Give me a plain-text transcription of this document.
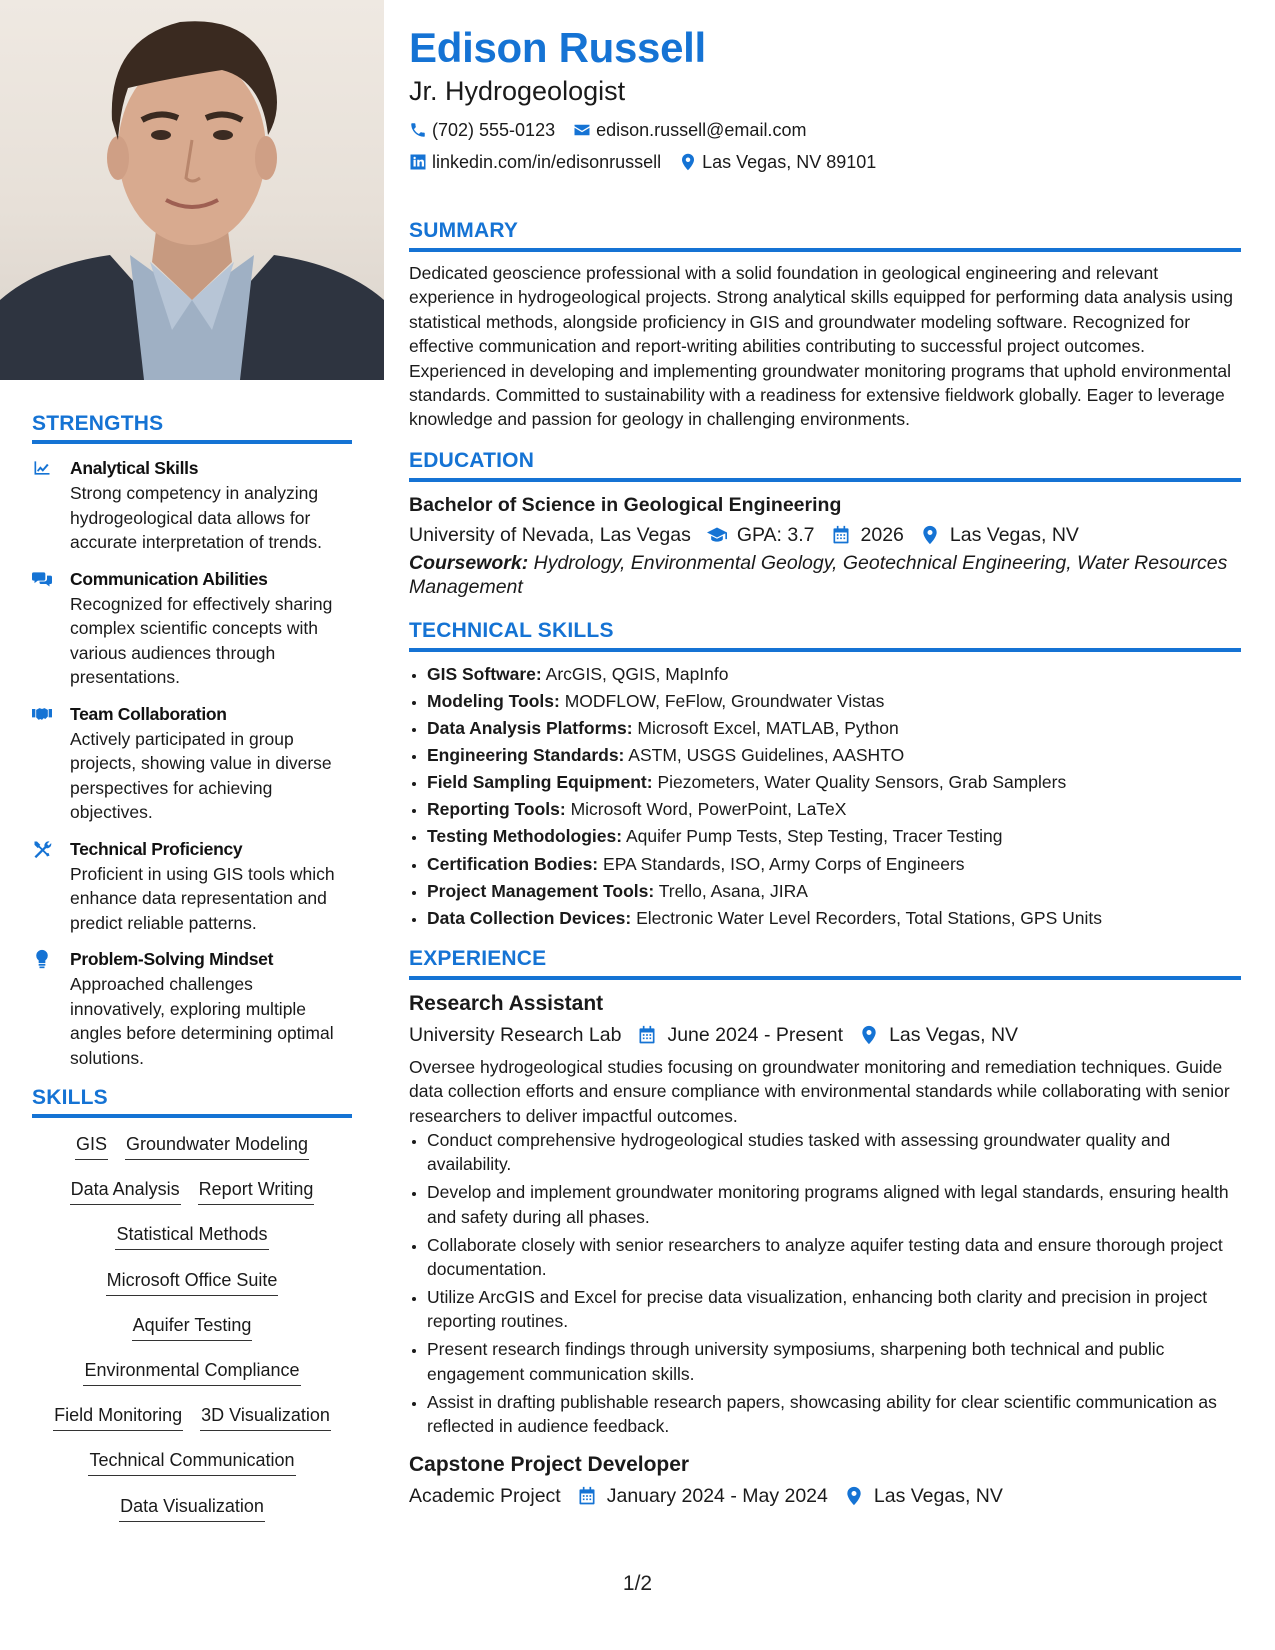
STRENGTHS
Analytical Skills
Strong competency in analyzing hydrogeological data allows for accurate interpretation of trends.
Communication Abilities
Recognized for effectively sharing complex scientific concepts with various audiences through presentations.
Team Collaboration
Actively participated in group projects, showing value in diverse perspectives for achieving objectives.
Technical Proficiency
Proficient in using GIS tools which enhance data representation and predict reliable patterns.
Problem-Solving Mindset
Approached challenges innovatively, exploring multiple angles before determining optimal solutions.
SKILLS
GIS Groundwater Modeling
Data Analysis Report Writing
Statistical Methods
Microsoft Office Suite
Aquifer Testing
Environmental Compliance
Field Monitoring 3D Visualization
Technical Communication
Data Visualization
Edison Russell
Jr. Hydrogeologist
(702) 555-0123 edison.russell@email.com
linkedin.com/in/edisonrussell Las Vegas, NV 89101
SUMMARY

Dedicated geoscience professional with a solid foundation in geological engineering and relevant experience in hydrogeological projects. Strong analytical skills equipped for performing data analysis using statistical methods, alongside proficiency in GIS and groundwater modeling software. Recognized for effective communication and report-writing abilities contributing to successful project outcomes. Experienced in developing and implementing groundwater monitoring programs that uphold environmental standards. Committed to sustainability with a readiness for extensive fieldwork globally. Eager to leverage knowledge and passion for geology in challenging environments.

EDUCATION
Bachelor of Science in Geological Engineering
University of Nevada, Las Vegas GPA: 3.7 2026 Las Vegas, NV
Coursework: Hydrology, Environmental Geology, Geotechnical Engineering, Water Resources Management
TECHNICAL SKILLS
• GIS Software: ArcGIS, QGIS, MapInfo
• Modeling Tools: MODFLOW, FeFlow, Groundwater Vistas
• Data Analysis Platforms: Microsoft Excel, MATLAB, Python
• Engineering Standards: ASTM, USGS Guidelines, AASHTO
• Field Sampling Equipment: Piezometers, Water Quality Sensors, Grab Samplers
• Reporting Tools: Microsoft Word, PowerPoint, LaTeX
• Testing Methodologies: Aquifer Pump Tests, Step Testing, Tracer Testing
• Certification Bodies: EPA Standards, ISO, Army Corps of Engineers
• Project Management Tools: Trello, Asana, JIRA
• Data Collection Devices: Electronic Water Level Recorders, Total Stations, GPS Units
EXPERIENCE
Research Assistant
University Research Lab June 2024 - Present Las Vegas, NV

Oversee hydrogeological studies focusing on groundwater monitoring and remediation techniques. Guide data collection efforts and ensure compliance with environmental standards while collaborating with senior researchers to deliver impactful outcomes.

• Conduct comprehensive hydrogeological studies tasked with assessing groundwater quality and availability.
• Develop and implement groundwater monitoring programs aligned with legal standards, ensuring health and safety during all phases.
• Collaborate closely with senior researchers to analyze aquifer testing data and ensure thorough project documentation.
• Utilize ArcGIS and Excel for precise data visualization, enhancing both clarity and precision in project reporting routines.
• Present research findings through university symposiums, sharpening both technical and public engagement communication skills.
• Assist in drafting publishable research papers, showcasing ability for clear scientific communication as reflected in audience feedback.
Capstone Project Developer
Academic Project January 2024 - May 2024 Las Vegas, NV
1/2
